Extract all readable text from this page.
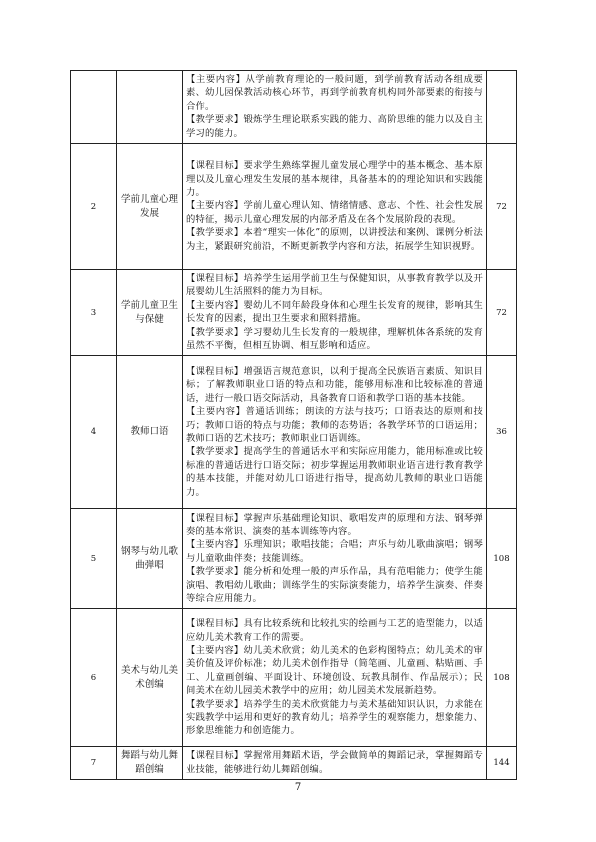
		【主要内容】从学前教育理论的一般问题，到学前教育活动各组成要素、幼儿园保教活动核心环节，再到学前教育机构同外部要素的衔接与合作。

【教学要求】锻炼学生理论联系实践的能力、高阶思维的能力以及自主学习的能力。	

2	学前儿童心理发展	【课程目标】要求学生熟练掌握儿童发展心理学中的基本概念、基本原理以及儿童心理发生发展的基本规律，具备基本的的理论知识和实践能力。

【主要内容】学前儿童心理认知、情绪情感、意志、个性、社会性发展的特征，揭示儿童心理发展的内部矛盾及在各个发展阶段的表现。

【教学要求】本着“理实一体化”的原则，以讲授法和案例、课例分析法为主，紧跟研究前沿，不断更新教学内容和方法，拓展学生知识视野。	72
3	学前儿童卫生与保健	【课程目标】培养学生运用学前卫生与保健知识，从事教育教学以及开展婴幼儿生活照料的能力为目标。

【主要内容】婴幼儿不同年龄段身体和心理生长发育的规律，影响其生长发育的因素，提出卫生要求和照料措施。

【教学要求】学习婴幼儿生长发育的一般规律，理解机体各系统的发育虽然不平衡，但相互协调、相互影响和适应。	72
4	教师口语	【课程目标】增强语言规范意识，以利于提高全民族语言素质、知识目标；了解教师职业口语的特点和功能，能够用标准和比较标准的普通话，进行一般口语交际活动，具备教育口语和教学口语的基本技能。

【主要内容】普通话训练；朗读的方法与技巧；口语表达的原则和技巧；教师口语的特点与功能；教师的态势语；各教学环节的口语运用；教师口语的艺术技巧；教师职业口语训练。

【教学要求】提高学生的普通话水平和实际应用能力，能用标准或比较标准的普通话进行口语交际；初步掌握运用教师职业语言进行教育教学的基本技能，并能对幼儿口语进行指导，提高幼儿教师的职业口语能力。	36
5	钢琴与幼儿歌曲弹唱	【课程目标】掌握声乐基础理论知识、歌唱发声的原理和方法、钢琴弹奏的基本常识、演奏的基本训练等内容。

【主要内容】乐理知识；歌唱技能；合唱；声乐与幼儿歌曲演唱；钢琴与儿童歌曲伴奏；技能训练。

【教学要求】能分析和处理一般的声乐作品，具有范唱能力；使学生能演唱、教唱幼儿歌曲；训练学生的实际演奏能力，培养学生演奏、伴奏等综合应用能力。	108
6	美术与幼儿美术创编	【课程目标】具有比较系统和比较扎实的绘画与工艺的造型能力，以适应幼儿美术教育工作的需要。

【主要内容】幼儿美术欣赏；幼儿美术的色彩构图特点；幼儿美术的审美价值及评价标准；幼儿美术创作指导（简笔画、儿童画、粘贴画、手工、儿童画创编、平面设计、环境创设、玩教具制作、作品展示）；民间美术在幼儿园美术教学中的应用；幼儿园美术发展新趋势。

【教学要求】培养学生的美术欣赏能力与美术基础知识认识，力求能在实践教学中运用和更好的教育幼儿；培养学生的观察能力，想象能力、形象思维能力和创造能力。	108
7	舞蹈与幼儿舞蹈创编	【课程目标】掌握常用舞蹈术语，学会做简单的舞蹈记录，掌握舞蹈专业技能，能够进行幼儿舞蹈创编。	144
7
